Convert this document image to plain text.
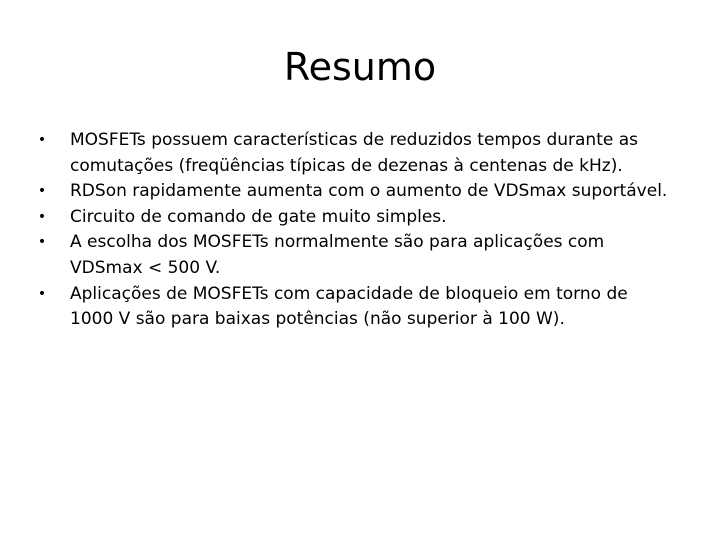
Resumo
• MOSFETs possuem características de reduzidos tempos durante as comutações (freqüências típicas de dezenas à centenas de kHz).
• RDSon rapidamente aumenta com o aumento de VDSmax suportável.
• Circuito de comando de gate muito simples.
• A escolha dos MOSFETs normalmente são para aplicações com VDSmax < 500 V.
• Aplicações de MOSFETs com capacidade de bloqueio em torno de 1000 V são para baixas potências (não superior à 100 W).
